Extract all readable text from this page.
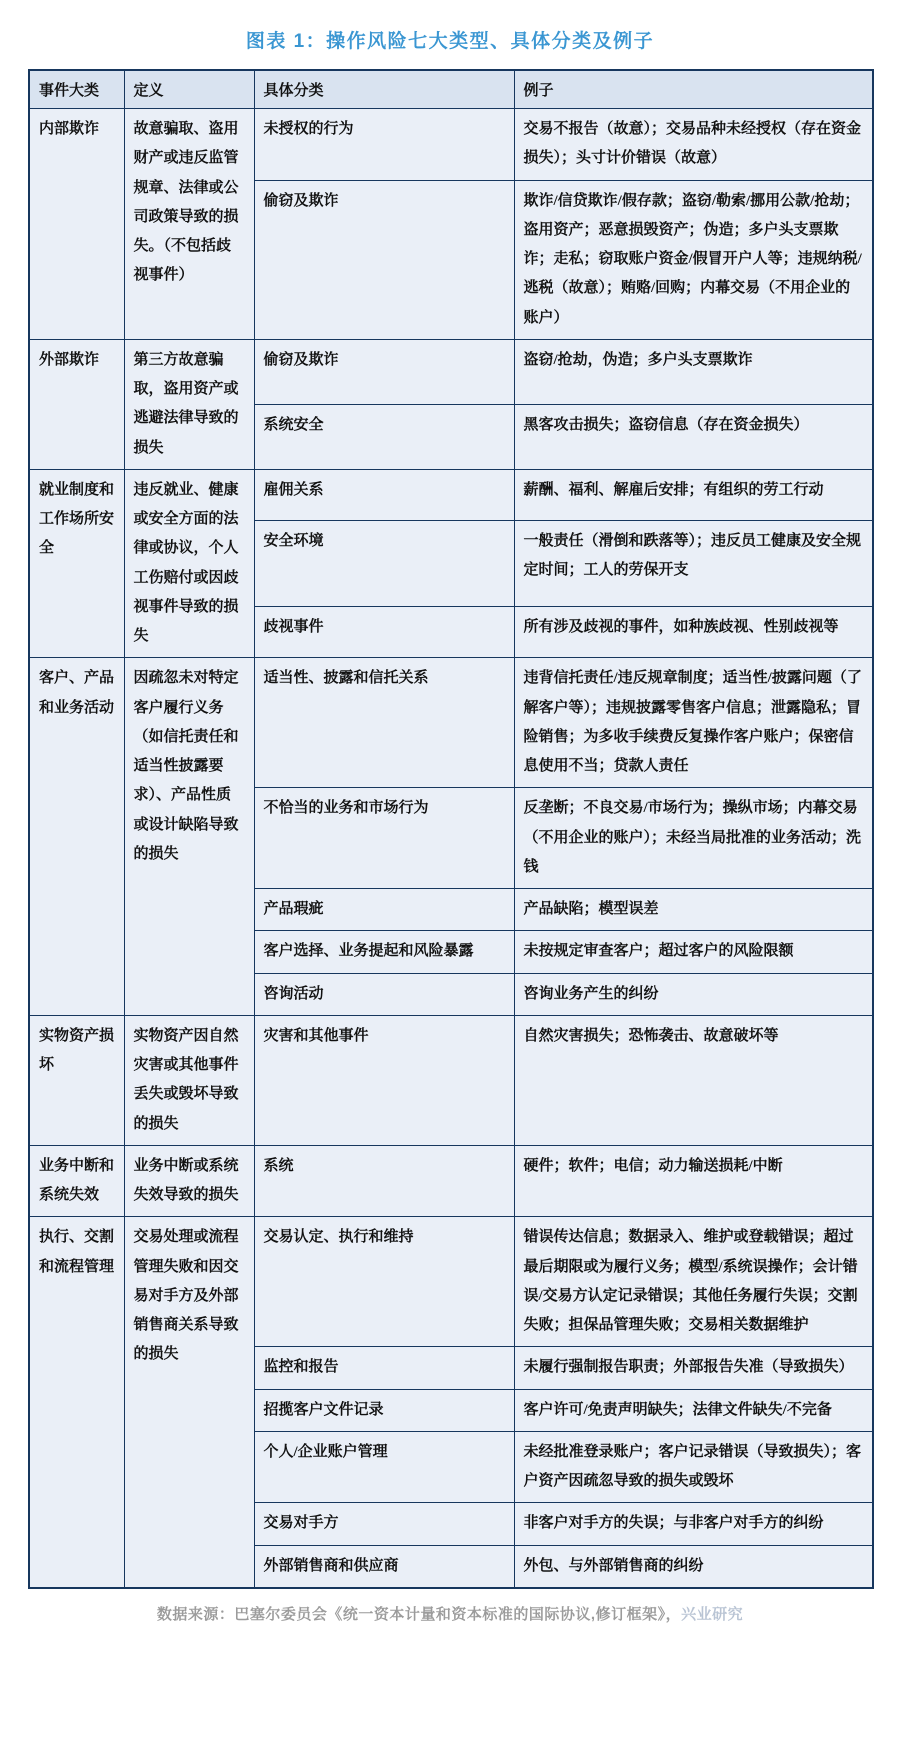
图表 1：操作风险七大类型、具体分类及例子
事件大类	定义	具体分类	例子
内部欺诈	故意骗取、盗用财产或违反监管规章、法律或公司政策导致的损失。（不包括歧视事件）	未授权的行为	交易不报告（故意）；交易品种未经授权（存在资金损失）；头寸计价错误（故意）
		偷窃及欺诈	欺诈/信贷欺诈/假存款；盗窃/勒索/挪用公款/抢劫；盗用资产；恶意损毁资产；伪造；多户头支票欺诈；走私；窃取账户资金/假冒开户人等；违规纳税/逃税（故意）；贿赂/回购；内幕交易（不用企业的账户）
外部欺诈	第三方故意骗取，盗用资产或逃避法律导致的损失	偷窃及欺诈	盗窃/抢劫，伪造；多户头支票欺诈
		系统安全	黑客攻击损失；盗窃信息（存在资金损失）
就业制度和工作场所安全	违反就业、健康或安全方面的法律或协议，个人工伤赔付或因歧视事件导致的损失	雇佣关系	薪酬、福利、解雇后安排；有组织的劳工行动
		安全环境	一般责任（滑倒和跌落等）；违反员工健康及安全规定时间；工人的劳保开支
		歧视事件	所有涉及歧视的事件，如种族歧视、性别歧视等
客户、产品和业务活动	因疏忽未对特定客户履行义务（如信托责任和适当性披露要求）、产品性质或设计缺陷导致的损失	适当性、披露和信托关系	违背信托责任/违反规章制度；适当性/披露问题（了解客户等）；违规披露零售客户信息；泄露隐私；冒险销售；为多收手续费反复操作客户账户；保密信息使用不当；贷款人责任
		不恰当的业务和市场行为	反垄断；不良交易/市场行为；操纵市场；内幕交易（不用企业的账户）；未经当局批准的业务活动；洗钱
		产品瑕疵	产品缺陷；模型误差
		客户选择、业务提起和风险暴露	未按规定审查客户；超过客户的风险限额
		咨询活动	咨询业务产生的纠纷
实物资产损坏	实物资产因自然灾害或其他事件丢失或毁坏导致的损失	灾害和其他事件	自然灾害损失；恐怖袭击、故意破坏等
业务中断和系统失效	业务中断或系统失效导致的损失	系统	硬件；软件；电信；动力输送损耗/中断
执行、交割和流程管理	交易处理或流程管理失败和因交易对手方及外部销售商关系导致的损失	交易认定、执行和维持	错误传达信息；数据录入、维护或登载错误；超过最后期限或为履行义务；模型/系统误操作；会计错误/交易方认定记录错误；其他任务履行失误；交割失败；担保品管理失败；交易相关数据维护
		监控和报告	未履行强制报告职责；外部报告失准（导致损失）
		招揽客户文件记录	客户许可/免责声明缺失；法律文件缺失/不完备
		个人/企业账户管理	未经批准登录账户；客户记录错误（导致损失）；客户资产因疏忽导致的损失或毁坏
		交易对手方	非客户对手方的失误；与非客户对手方的纠纷
		外部销售商和供应商	外包、与外部销售商的纠纷
数据来源：巴塞尔委员会《统一资本计量和资本标准的国际协议,修订框架》，兴业研究
